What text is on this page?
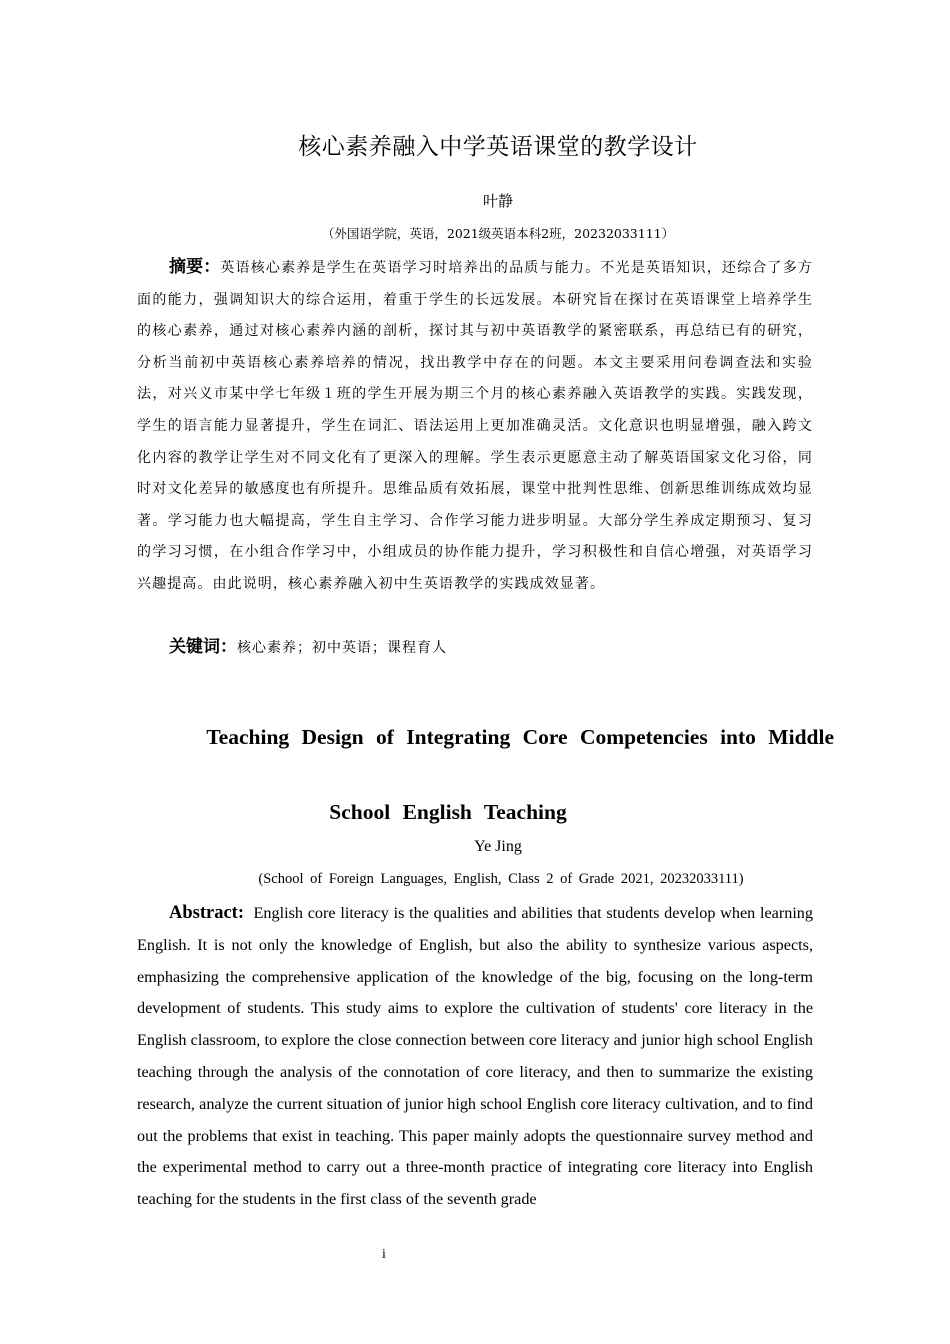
核心素养融入中学英语课堂的教学设计
叶静
（外国语学院，英语，2021级英语本科2班，20232033111）
摘要：英语核心素养是学生在英语学习时培养出的品质与能力。不光是英语知识，还综合了多方面的能力，强调知识大的综合运用，着重于学生的长远发展。本研究旨在探讨在英语课堂上培养学生的核心素养，通过对核心素养内涵的剖析，探讨其与初中英语教学的紧密联系，再总结已有的研究，分析当前初中英语核心素养培养的情况，找出教学中存在的问题。本文主要采用问卷调查法和实验法，对兴义市某中学七年级１班的学生开展为期三个月的核心素养融入英语教学的实践。实践发现，学生的语言能力显著提升，学生在词汇、语法运用上更加准确灵活。文化意识也明显增强，融入跨文化内容的教学让学生对不同文化有了更深入的理解。学生表示更愿意主动了解英语国家文化习俗，同时对文化差异的敏感度也有所提升。思维品质有效拓展，课堂中批判性思维、创新思维训练成效均显著。学习能力也大幅提高，学生自主学习、合作学习能力进步明显。大部分学生养成定期预习、复习的学习习惯，在小组合作学习中，小组成员的协作能力提升，学习积极性和自信心增强，对英语学习兴趣提高。由此说明，核心素养融入初中生英语教学的实践成效显著。
关键词：核心素养；初中英语；课程育人
Teaching Design of Integrating Core Competencies into Middle
School English Teaching
Ye Jing
(School of Foreign Languages, English, Class 2 of Grade 2021, 20232033111)
Abstract: English core literacy is the qualities and abilities that students develop when learning English. It is not only the knowledge of English, but also the ability to synthesize various aspects, emphasizing the comprehensive application of the knowledge of the big, focusing on the long-term development of students. This study aims to explore the cultivation of students' core literacy in the English classroom, to explore the close connection between core literacy and junior high school English teaching through the analysis of the connotation of core literacy, and then to summarize the existing research, analyze the current situation of junior high school English core literacy cultivation, and to find out the problems that exist in teaching. This paper mainly adopts the questionnaire survey method and the experimental method to carry out a three-month practice of integrating core literacy into English teaching for the students in the first class of the seventh grade
i
